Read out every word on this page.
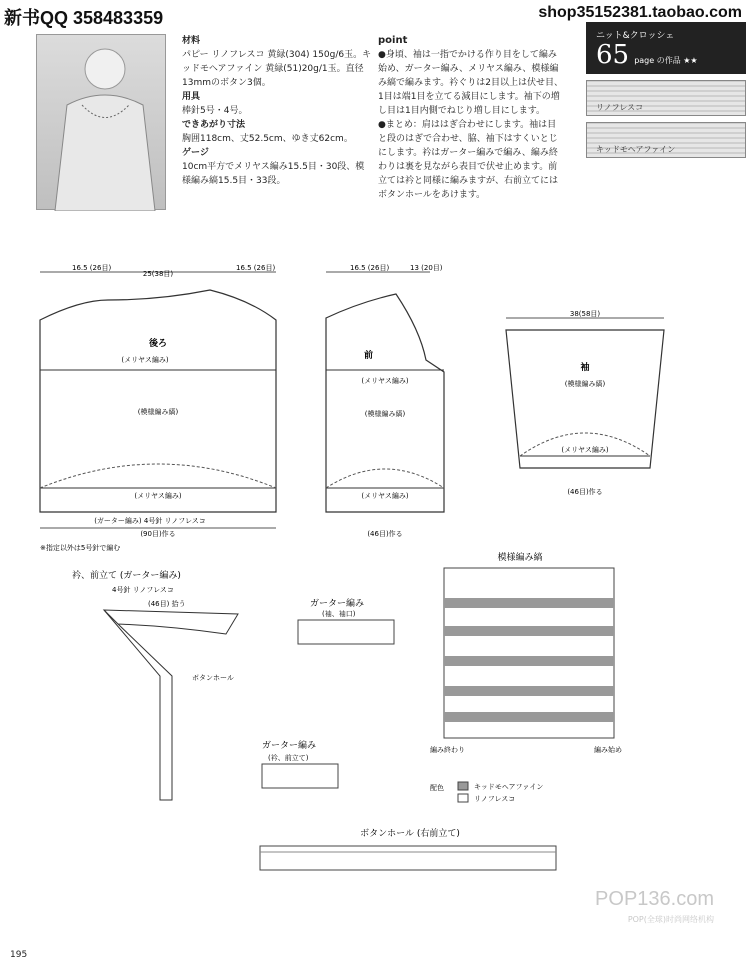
新书QQ 358483359	shop35152381.taobao.com
材料
パピー リノフレスコ 黄緑(304) 150g/6玉。キッドモヘアファイン 黄緑(51)20g/1玉。直径13mmのボタン3個。
用具
棒針5号・4号。
できあがり寸法
胸囲118cm、丈52.5cm、ゆき丈62cm。
ゲージ
10cm平方でメリヤス編み15.5目・30段、模様編み縞15.5目・33段。
point
●身頃、袖は一指でかける作り目をして編み始め、ガーター編み、メリヤス編み、模様編み縞で編みます。衿ぐりは2目以上は伏せ目、1目は端1目を立てる減目にします。袖下の増し目は1目内側でねじり増し目にします。
●まとめ：肩ははぎ合わせにします。袖は目と段のはぎで合わせ、脇、袖下はすくいとじにします。衿はガーター編みで編み、編み終わりは裏を見ながら表目で伏せ止めます。前立ては衿と同様に編みますが、右前立てにはボタンホールをあけます。
ニット&クロッシェ
65 page の作品 ★★
リノフレスコ
キッドモヘアファイン
25(38目)
16.5 (26目)	16.5 (26目)
後ろ
(メリヤス編み)
(模様編み縞)
(メリヤス編み)
(ガーター編み) 4号針 リノフレスコ
(90目)作る
※指定以外は5号針で編む
16.5 (26目)	13 (20目)
前
(メリヤス編み)
(模様編み縞)
(メリヤス編み)
(46目)作る
38(58目)
袖
(模様編み縞)
(メリヤス編み)
(46目)作る
衿、前立て (ガーター編み)
4号針 リノフレスコ
(46目) 拾う
ボタンホール
ガーター編み
(袖、袖口)
ガーター編み
(衿、前立て)
模様編み縞
編み終わり	編み始め
配色	キッドモヘアファイン
リノフレスコ
ボタンホール (右前立て)
195
POP136.com
POP(全球)时尚网络机构
